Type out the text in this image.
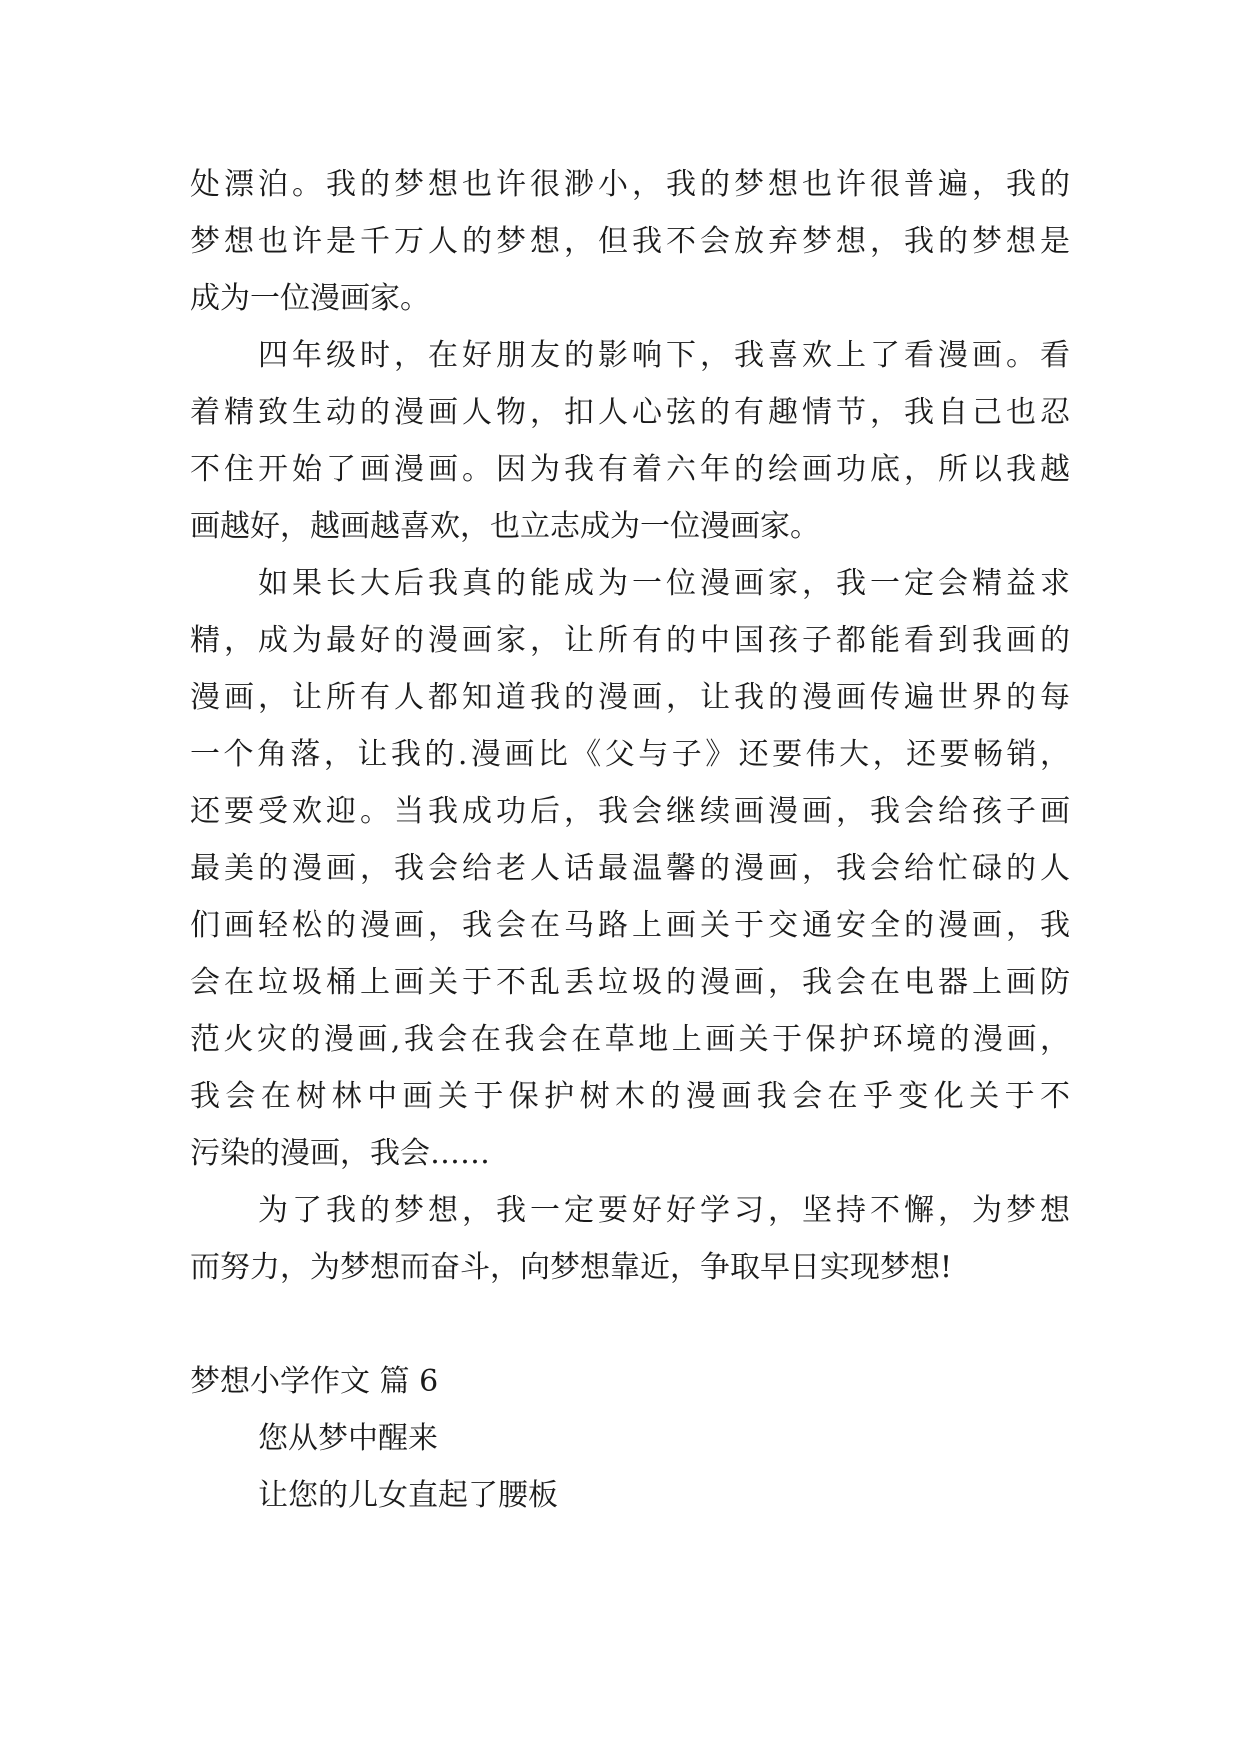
处漂泊。我的梦想也许很渺小，我的梦想也许很普遍，我的
梦想也许是千万人的梦想，但我不会放弃梦想，我的梦想是
成为一位漫画家。
四年级时，在好朋友的影响下，我喜欢上了看漫画。看
着精致生动的漫画人物，扣人心弦的有趣情节，我自己也忍
不住开始了画漫画。因为我有着六年的绘画功底，所以我越
画越好，越画越喜欢，也立志成为一位漫画家。
如果长大后我真的能成为一位漫画家，我一定会精益求
精，成为最好的漫画家，让所有的中国孩子都能看到我画的
漫画，让所有人都知道我的漫画，让我的漫画传遍世界的每
一个角落，让我的.漫画比《父与子》还要伟大，还要畅销，
还要受欢迎。当我成功后，我会继续画漫画，我会给孩子画
最美的漫画，我会给老人话最温馨的漫画，我会给忙碌的人
们画轻松的漫画，我会在马路上画关于交通安全的漫画，我
会在垃圾桶上画关于不乱丢垃圾的漫画，我会在电器上画防
范火灾的漫画,我会在我会在草地上画关于保护环境的漫画，
我会在树林中画关于保护树木的漫画我会在乎变化关于不
污染的漫画，我会……
为了我的梦想，我一定要好好学习，坚持不懈，为梦想
而努力，为梦想而奋斗，向梦想靠近，争取早日实现梦想!
梦想小学作文 篇 6
您从梦中醒来
让您的儿女直起了腰板
